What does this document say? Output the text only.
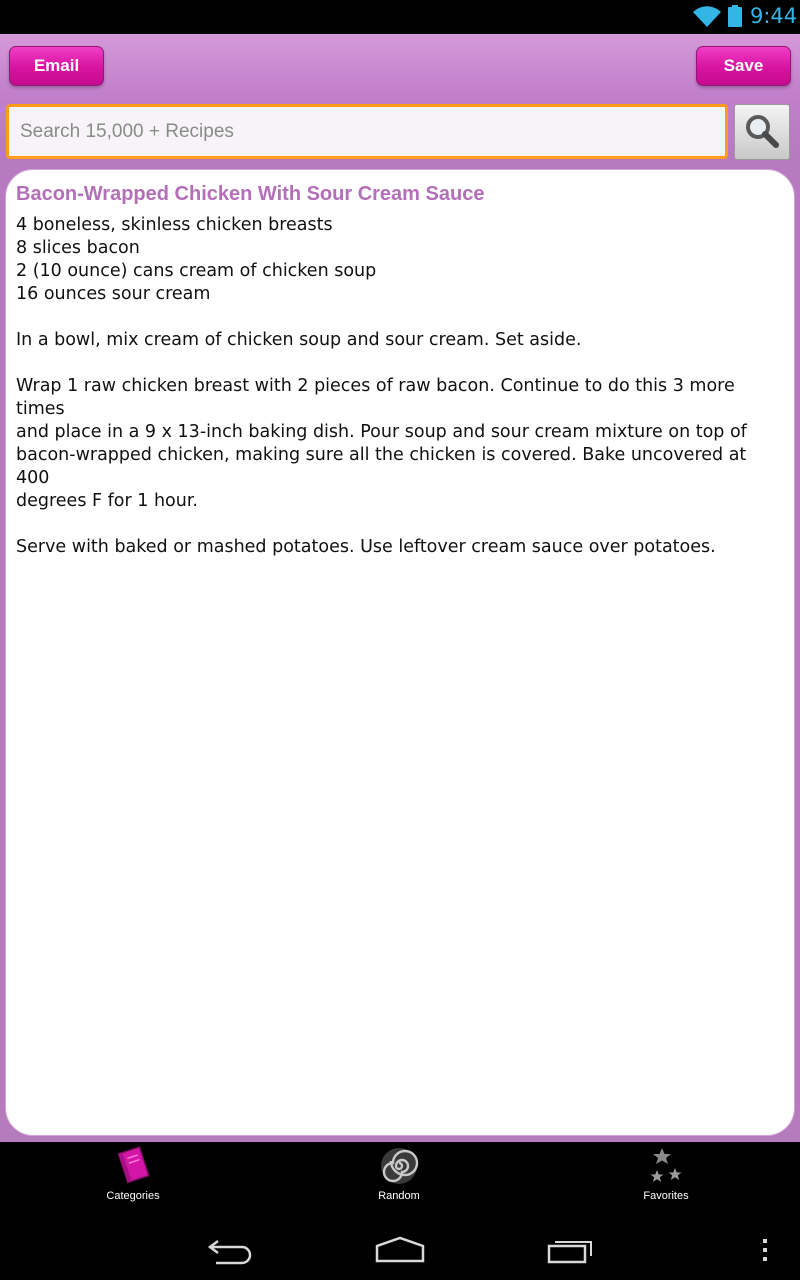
9:44
Email	Save
Search 15,000 + Recipes
Bacon-Wrapped Chicken With Sour Cream Sauce
4 boneless, skinless chicken breasts
8 slices bacon
2 (10 ounce) cans cream of chicken soup
16 ounces sour cream
In a bowl, mix cream of chicken soup and sour cream. Set aside.
Wrap 1 raw chicken breast with 2 pieces of raw bacon. Continue to do this 3 more times
and place in a 9 x 13-inch baking dish. Pour soup and sour cream mixture on top of
bacon-wrapped chicken, making sure all the chicken is covered. Bake uncovered at 400
degrees F for 1 hour.
Serve with baked or mashed potatoes. Use leftover cream sauce over potatoes.
Categories	Random	Favorites
